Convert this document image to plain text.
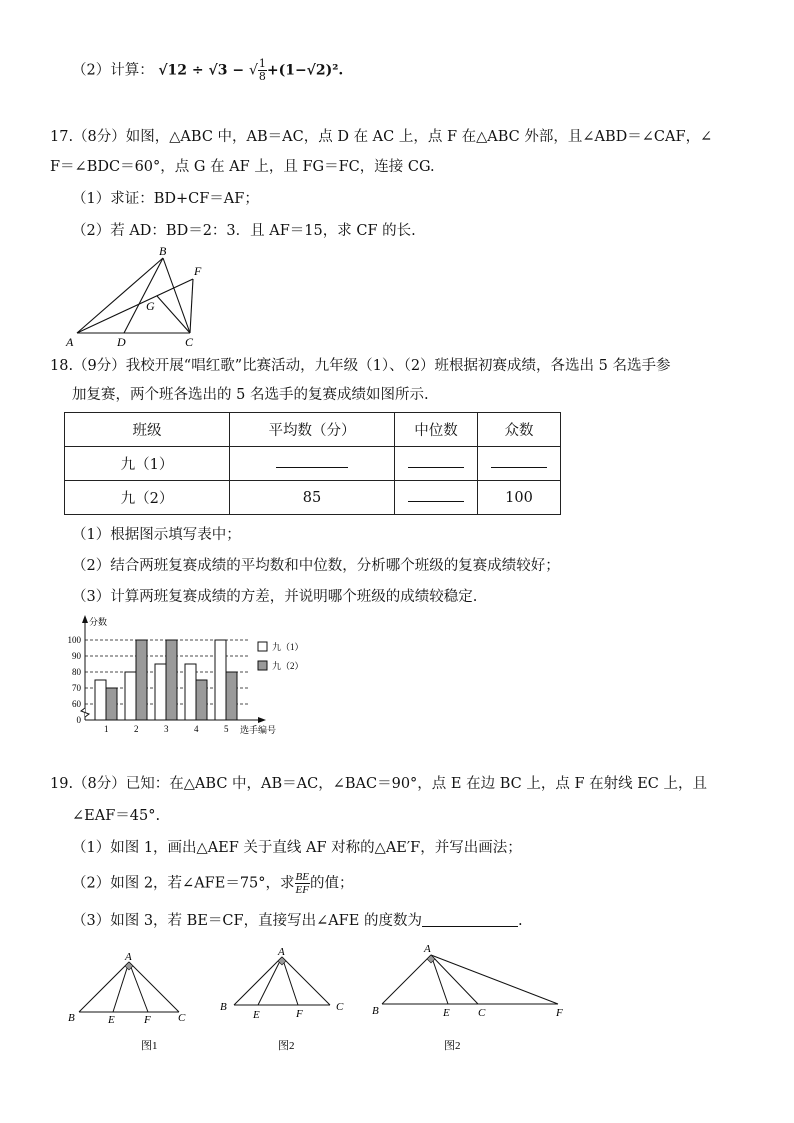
（2）计算： √12 ÷ √3 − √ $\frac{1}{8} +(1-√2)^2$.
17.（8分）如图，△ABC 中，AB＝AC，点 D 在 AC 上，点 F 在△ABC 外部，且∠ABD＝∠CAF，∠
F＝∠BDC＝60°，点 G 在 AF 上，且 FG＝FC，连接 CG.
（1）求证：BD+CF＝AF；
（2）若 AD：BD＝2：3．且 AF＝15，求 CF 的长.
B
F
G
A	D	C
18.（9分）我校开展“唱红歌”比赛活动，九年级（1）、（2）班根据初赛成绩，各选出 5 名选手参
加复赛，两个班各选出的 5 名选手的复赛成绩如图所示.
班级	平均数（分）	中位数	众数
九（1）			
九（2）	85		100
（1）根据图示填写表中；
（2）结合两班复赛成绩的平均数和中位数，分析哪个班级的复赛成绩较好；
（3）计算两班复赛成绩的方差，并说明哪个班级的成绩较稳定.
0
60
70
80
90
100
1	2	3	4	5
分数
选手编号
九（1）
九（2）
19.（8分）已知：在△ABC 中，AB＝AC，∠BAC＝90°，点 E 在边 BC 上，点 F 在射线 EC 上，且
∠EAF＝45°.
（1）如图 1，画出△AEF 关于直线 AF 对称的△AE′F，并写出画法；
（2）如图 2，若∠AFE＝75°，求 $\frac{BE}{EF}$ 的值；
（3）如图 3，若 BE＝CF，直接写出∠AFE 的度数为	.
A
B	E	F C
图1
A
B
E	F
C
图2
A
B	E	C	F
图2
